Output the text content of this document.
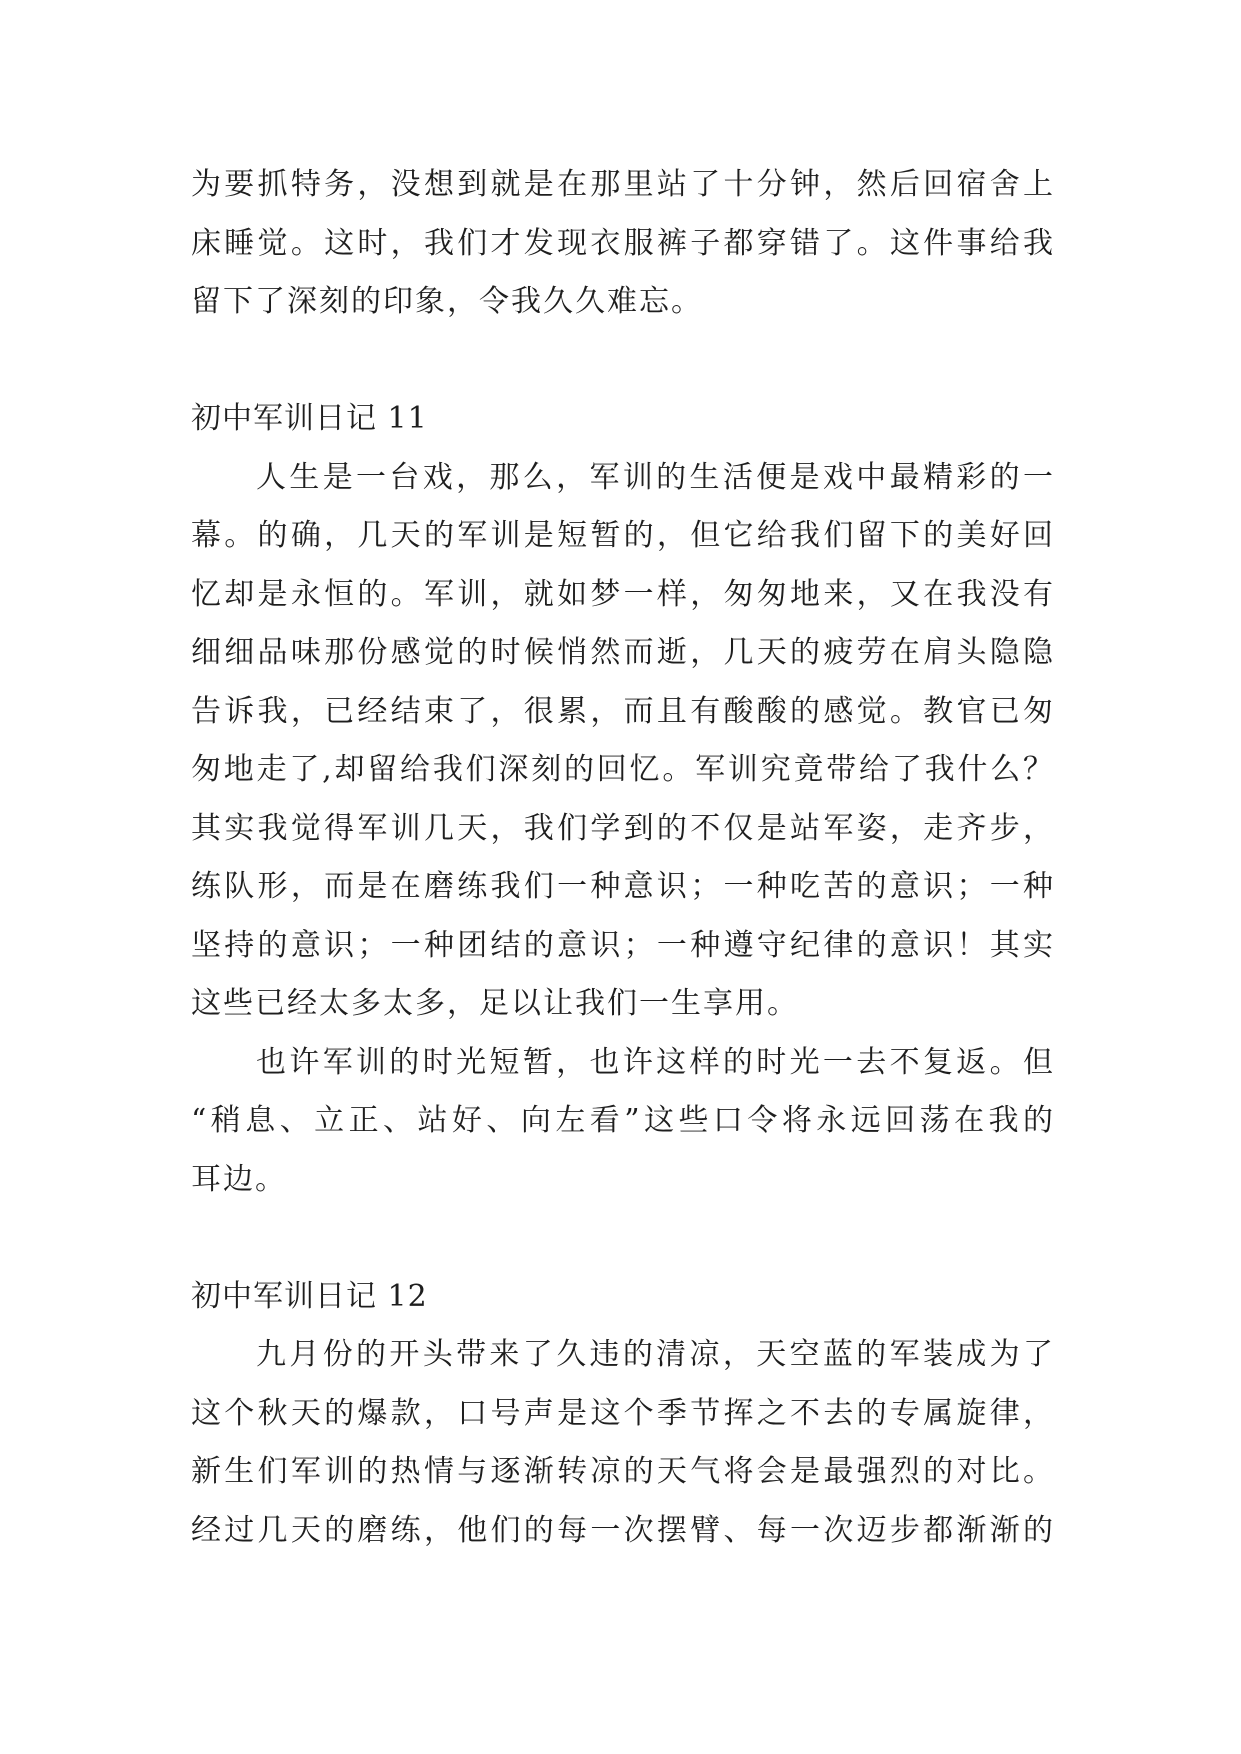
为要抓特务，没想到就是在那里站了十分钟，然后回宿舍上
床睡觉。这时，我们才发现衣服裤子都穿错了。这件事给我
留下了深刻的印象，令我久久难忘。
初中军训日记 11
人生是一台戏，那么，军训的生活便是戏中最精彩的一
幕。的确，几天的军训是短暂的，但它给我们留下的美好回
忆却是永恒的。军训，就如梦一样，匆匆地来，又在我没有
细细品味那份感觉的时候悄然而逝，几天的疲劳在肩头隐隐
告诉我，已经结束了，很累，而且有酸酸的感觉。教官已匆
匆地走了,却留给我们深刻的回忆。军训究竟带给了我什么？
其实我觉得军训几天，我们学到的不仅是站军姿，走齐步，
练队形，而是在磨练我们一种意识；一种吃苦的意识；一种
坚持的意识；一种团结的意识；一种遵守纪律的意识！其实
这些已经太多太多，足以让我们一生享用。
也许军训的时光短暂，也许这样的时光一去不复返。但
“稍息、立正、站好、向左看”这些口令将永远回荡在我的
耳边。
初中军训日记 12
九月份的开头带来了久违的清凉，天空蓝的军装成为了
这个秋天的爆款，口号声是这个季节挥之不去的专属旋律，
新生们军训的热情与逐渐转凉的天气将会是最强烈的对比。
经过几天的磨练，他们的每一次摆臂、每一次迈步都渐渐的
